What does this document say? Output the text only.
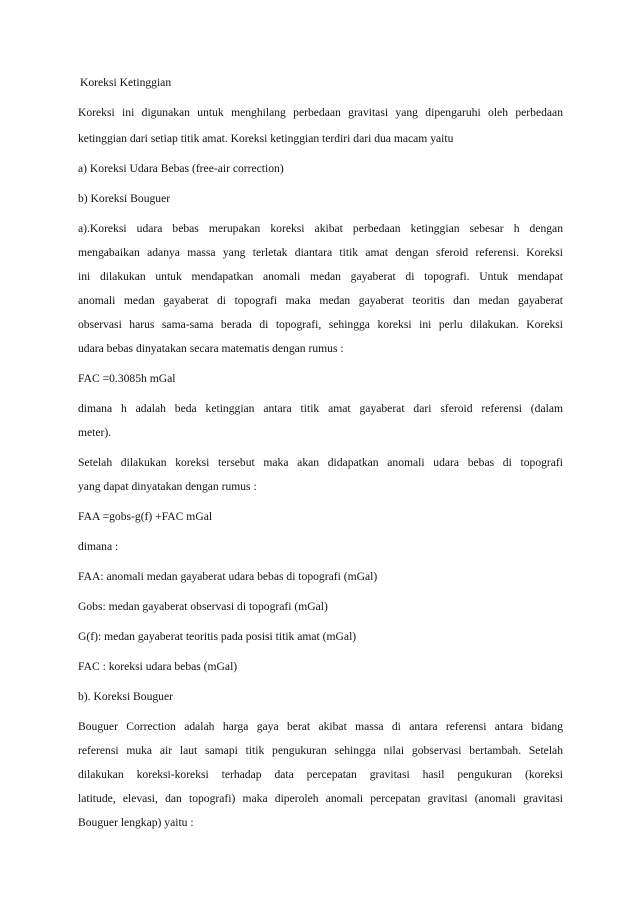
Koreksi Ketinggian
Koreksi ini digunakan untuk menghilang perbedaan gravitasi yang dipengaruhi oleh perbedaan
ketinggian dari setiap titik amat. Koreksi ketinggian terdiri dari dua macam yaitu
a) Koreksi Udara Bebas (free-air correction)
b) Koreksi Bouguer
a).Koreksi udara bebas merupakan koreksi akibat perbedaan ketinggian sebesar h dengan
mengabaikan adanya massa yang terletak diantara titik amat dengan sferoid referensi. Koreksi
ini dilakukan untuk mendapatkan anomali medan gayaberat di topografi. Untuk mendapat
anomali medan gayaberat di topografi maka medan gayaberat teoritis dan medan gayaberat
observasi harus sama-sama berada di topografi, sehingga koreksi ini perlu dilakukan. Koreksi
udara bebas dinyatakan secara matematis dengan rumus :
FAC =0.3085h mGal
dimana h adalah beda ketinggian antara titik amat gayaberat dari sferoid referensi (dalam
meter).
Setelah dilakukan koreksi tersebut maka akan didapatkan anomali udara bebas di topografi
yang dapat dinyatakan dengan rumus :
FAA =gobs-g(f) +FAC mGal
dimana :
FAA: anomali medan gayaberat udara bebas di topografi (mGal)
Gobs: medan gayaberat observasi di topografi (mGal)
G(f): medan gayaberat teoritis pada posisi titik amat (mGal)
FAC : koreksi udara bebas (mGal)
b). Koreksi Bouguer
Bouguer Correction adalah harga gaya berat akibat massa di antara referensi antara bidang
referensi muka air laut samapi titik pengukuran sehingga nilai gobservasi bertambah. Setelah
dilakukan koreksi-koreksi terhadap data percepatan gravitasi hasil pengukuran (koreksi
latitude, elevasi, dan topografi) maka diperoleh anomali percepatan gravitasi (anomali gravitasi
Bouguer lengkap) yaitu :
